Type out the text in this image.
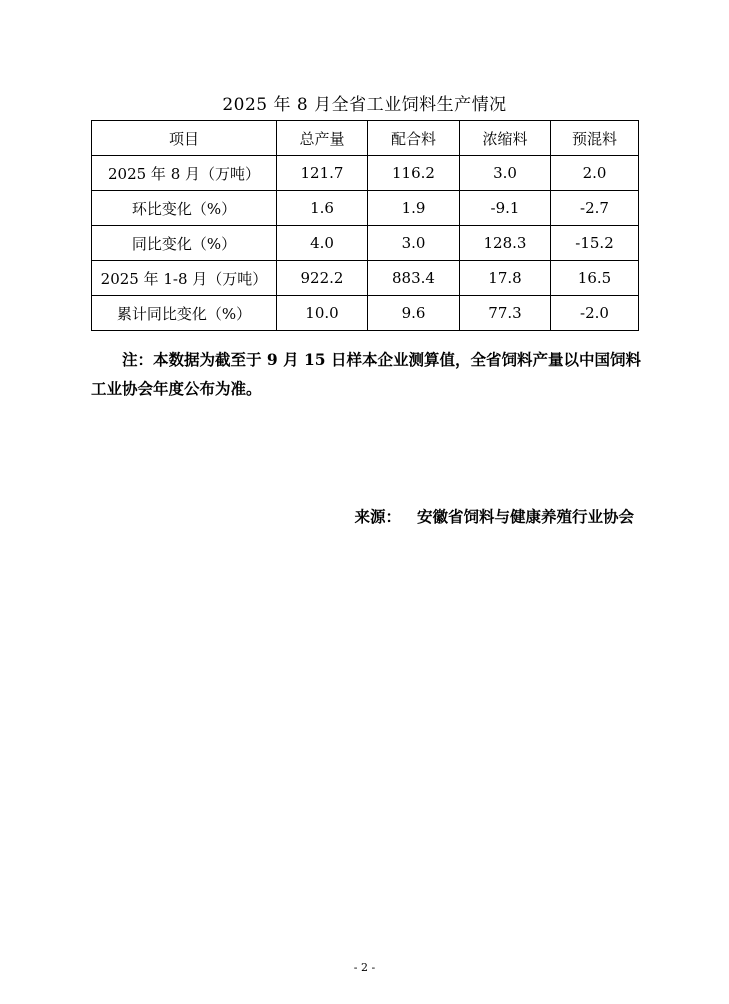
2025 年 8 月全省工业饲料生产情况
项目	总产量	配合料	浓缩料	预混料
2025 年 8 月（万吨）	121.7	116.2	3.0	2.0
环比变化（%）	1.6	1.9	-9.1	-2.7
同比变化（%）	4.0	3.0	128.3	-15.2
2025 年 1-8 月（万吨）	922.2	883.4	17.8	16.5
累计同比变化（%）	10.0	9.6	77.3	-2.0
注：本数据为截至于 9 月 15 日样本企业测算值，全省饲料产量以中国饲料工业协会年度公布为准。
来源： 安徽省饲料与健康养殖行业协会
- 2 -
